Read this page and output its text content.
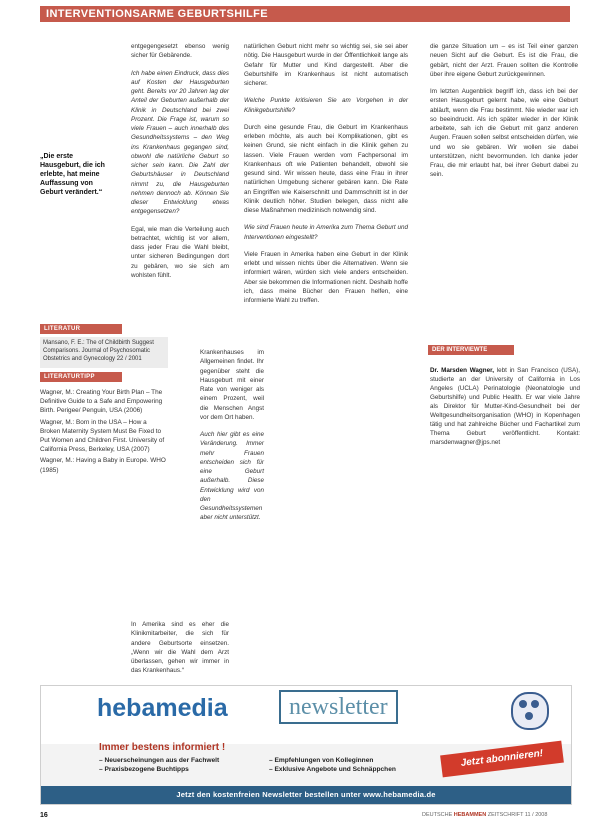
INTERVENTIONSARME GEBURTSHILFE
„Die erste Hausgeburt, die ich erlebte, hat meine Auffassung von Geburt verändert.“
LITERATUR

Mansano, F. E.: The of Childbirth Suggest Comparisons. Journal of Psychosomatic Obstetrics and Gynecology 22 / 2001

LITERATURTIPP

Wagner, M.: Creating Your Birth Plan – The Definitive Guide to a Safe and Empowering Birth. Perigee/ Penguin, USA (2006)

Wagner, M.: Born in the USA – How a Broken Maternity System Must Be Fixed to Put Women and Children First. University of California Press, Berkeley, USA (2007)

Wagner, M.: Having a Baby in Europe. WHO (1985)

entgegengesetzt ebenso wenig sicher für Gebärende.

Ich habe einen Eindruck, dass dies auf Kosten der Hausgeburten geht. Bereits vor 20 Jahren lag der Anteil der Geburten außerhalb der Klinik in Deutschland bei zwei Prozent. Die Frage ist, warum so viele Frauen – auch innerhalb des Gesundheitssystems – den Weg ins Krankenhaus gegangen sind, obwohl die natürliche Geburt so sicher sein kann. Die Zahl der Geburtshäuser in Deutschland nimmt zu, die Hausgeburten nehmen dennoch ab. Können Sie dieser Entwicklung etwas entgegensetzen?

Egal, wie man die Verteilung auch betrachtet, wichtig ist vor allem, dass jeder Frau die Wahl bleibt, unter sicheren Bedingungen dort zu gebären, wo sie sich am wohlsten fühlt.

Krankenhauses im Allgemeinen findet. Ihr gegenüber steht die Hausgeburt mit einer Rate von weniger als einem Prozent, weil die Menschen Angst vor dem Ort haben.

Auch hier gibt es eine Veränderung. Immer mehr Frauen entscheiden sich für eine Geburt außerhalb. Diese Entwicklung wird von den Gesundheitssystemen aber nicht unterstützt.

In Amerika sind es eher die Klinikmitarbeiter, die sich für andere Geburtsorte einsetzen. „Wenn wir die Wahl dem Arzt überlassen, gehen wir immer in das Krankenhaus.“

natürlichen Geburt nicht mehr so wichtig sei, sie sei aber nötig. Die Hausgeburt wurde in der Öffentlichkeit lange als Gefahr für Mutter und Kind dargestellt. Aber die Geburtshilfe im Krankenhaus ist nicht automatisch sicherer.

Welche Punkte kritisieren Sie am Vorgehen in der Klinikgeburtshilfe?

Durch eine gesunde Frau, die Geburt im Krankenhaus erleben möchte, als auch bei Komplikationen, gibt es keinen Grund, sie nicht einfach in die Klinik gehen zu lassen. Viele Frauen werden vom Fachpersonal im Krankenhaus oft wie Patienten behandelt, obwohl sie gesund sind. Wir wissen heute, dass eine Frau in ihrer natürlichen Umgebung sicherer gebären kann. Die Rate an Eingriffen wie Kaiserschnitt und Dammschnitt ist in der Klinik deutlich höher. Studien belegen, dass nicht alle diese Maßnahmen medizinisch notwendig sind.

Wie sind Frauen heute in Amerika zum Thema Geburt und Interventionen eingestellt?

Viele Frauen in Amerika haben eine Geburt in der Klinik erlebt und wissen nichts über die Alternativen. Wenn sie informiert wären, würden sich viele anders entscheiden. Aber sie bekommen die Informationen nicht. Deshalb hoffe ich, dass meine Bücher den Frauen helfen, eine informierte Wahl zu treffen.

die ganze Situation um – es ist Teil einer ganzen neuen Sicht auf die Geburt. Es ist die Frau, die gebärt, nicht der Arzt. Frauen sollten die Kontrolle über ihre eigene Geburt zurückgewinnen.

Im letzten Augenblick begriff ich, dass ich bei der ersten Hausgeburt gelernt habe, wie eine Geburt abläuft, wenn die Frau bestimmt. Nie wieder war ich so beeindruckt. Als ich später wieder in der Klinik arbeitete, sah ich die Geburt mit ganz anderen Augen. Frauen sollen selbst entscheiden dürfen, wie und wo sie gebären. Wir wollen sie dabei unterstützen, nicht bevormunden. Ich danke jeder Frau, die mir erlaubt hat, bei ihrer Geburt dabei zu sein.

DER INTERVIEWTE
Dr. Marsden Wagner, lebt in San Francisco (USA), studierte an der University of California in Los Angeles (UCLA) Perinatologie (Neonatologie und Geburtshilfe) und Public Health. Er war viele Jahre als Direktor für Mutter-Kind-Gesundheit bei der Weltgesundheitsorganisation (WHO) in Kopenhagen tätig und hat zahlreiche Bücher und Fachartikel zum Thema Geburt veröffentlicht. Kontakt: marsdenwagner@jps.net
hebamedia	newsletter
Immer bestens informiert !
– Neuerscheinungen aus der Fachwelt
– Praxisbezogene Buchtipps
– Empfehlungen von Kolleginnen
– Exklusive Angebote und Schnäppchen
Jetzt abonnieren!
Jetzt den kostenfreien Newsletter bestellen unter www.hebamedia.de
16	DEUTSCHE HEBAMMEN ZEITSCHRIFT 11 / 2008
